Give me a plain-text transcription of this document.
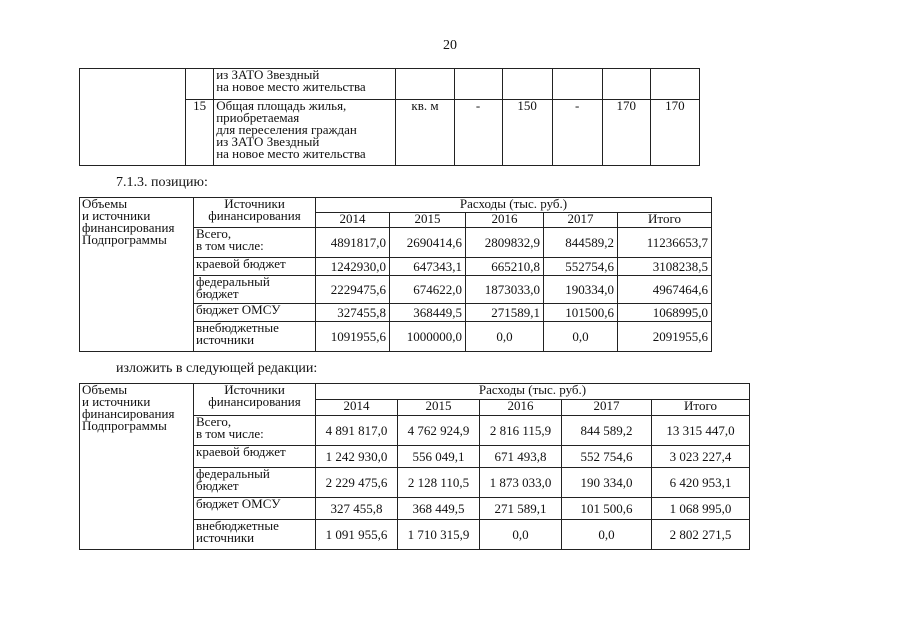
20
		из ЗАТО Звездный
на новое место жительства						
	15	Общая площадь жилья,
приобретаемая
для переселения граждан
из ЗАТО Звездный
на новое место жительства	кв. м	-	150	-	170	170
7.1.3. позицию:
Объемы
и источники
финансирования
Подпрограммы	Источники
финансирования	Расходы (тыс. руб.)				
		2014	2015	2016	2017	Итого
	Всего,
в том числе:	4891817,0	2690414,6	2809832,9	844589,2	11236653,7
	краевой бюджет	1242930,0	647343,1	665210,8	552754,6	3108238,5
	федеральный
бюджет	2229475,6	674622,0	1873033,0	190334,0	4967464,6
	бюджет ОМСУ	327455,8	368449,5	271589,1	101500,6	1068995,0
	внебюджетные
источники	1091955,6	1000000,0	0,0	0,0	2091955,6
изложить в следующей редакции:
Объемы
и источники
финансирования
Подпрограммы	Источники
финансирования	Расходы (тыс. руб.)				
		2014	2015	2016	2017	Итого
	Всего,
в том числе:	4 891 817,0	4 762 924,9	2 816 115,9	844 589,2	13 315 447,0
	краевой бюджет	1 242 930,0	556 049,1	671 493,8	552 754,6	3 023 227,4
	федеральный
бюджет	2 229 475,6	2 128 110,5	1 873 033,0	190 334,0	6 420 953,1
	бюджет ОМСУ	327 455,8	368 449,5	271 589,1	101 500,6	1 068 995,0
	внебюджетные
источники	1 091 955,6	1 710 315,9	0,0	0,0	2 802 271,5
